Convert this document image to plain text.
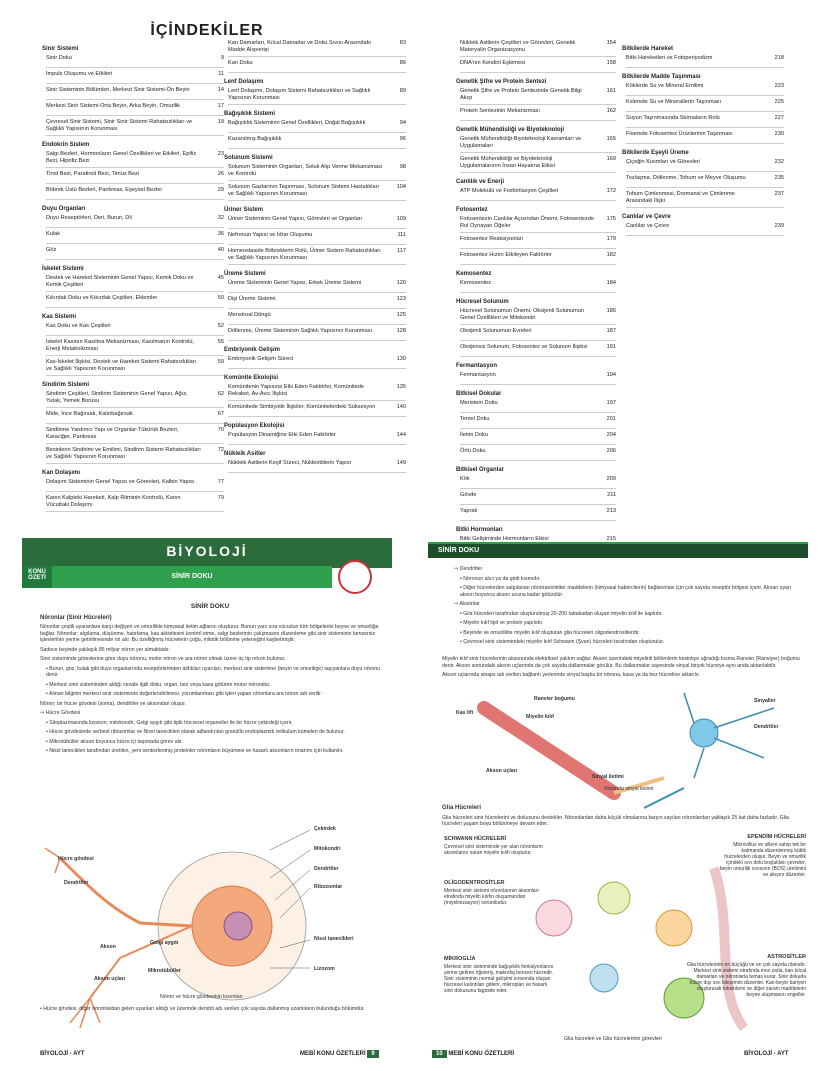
İÇİNDEKİLER
Sinir Sistemi
Sinir Doku	9
İmpuls Oluşumu ve Etkileri	11
Sinir Sisteminin Bölümleri, Merkezi Sinir Sistemi-Ön Beyin	14
Merkezi Sinir Sistemi-Orta Beyin, Arka Beyin, Omurilik	17
Çevresel Sinir Sistemi, Sinir Sinir Sistemi Rahatsızlıkları ve Sağlıklı Yapısının Korunması
19
Endokrin Sistem
Salgı Bezleri, Hormonların Genel Özellikleri ve Etkileri, Epifiz Bezi, Hipofiz Bezi
23
Tiroit Bezi, Paratiroit Bezi, Timüs Bezi	26
Böbrek Üstü Bezleri, Pankreas, Eşeysel Bezler	29
Duyu Organları
Duyu Reseptörleri, Deri, Burun, Dil	32
Kulak	36
Göz	40
İskelet Sistemi
Destek ve Hareket Sisteminin Genel Yapısı, Kemik Doku ve Kemik Çeşitleri
45
Kıkırdak Doku ve Kıkırdak Çeşitleri, Eklemler	50
Kas Sistemi
Kas Doku ve Kas Çeşitleri	52
İskelet Kasının Kasılma Mekanizması, Kasılmanın Kontrolü, Enerji Metabolizması
55
Kas-İskelet İlişkisi, Destek ve Hareket Sistemi Rahatsızlıkları ve Sağlıklı Yapısının Korunması
59
Sindirim Sistemi
Sindirim Çeşitleri, Sindirim Sisteminin Genel Yapısı, Ağız, Yutak, Yemek Borusu
62
Mide, İnce Bağırsak, Kalınbağırsak	67
Sindirime Yardımcı Yapı ve Organlar-Tükürük Bezleri, Karaciğer, Pankreas
70
Besinlerin Sindirimi ve Emilimi, Sindirim Sistemi Rahatsızlıkları ve Sağlıklı Yapısının Korunması
72
Kan Dolaşımı
Dolaşım Sisteminin Genel Yapısı ve Görevleri, Kalbin Yapısı	77
Kanın Kalpteki Hareketi, Kalp Ritminin Kontrolü, Kanın Vücuttaki Dolaşımı
79
Kan Damarları, Kılcal Damarlar ve Doku Sıvısı Arasındaki Madde Alışverişi
83
Kan Doku	86
Lenf Dolaşımı
Lenf Dolaşımı, Dolaşım Sistemi Rahatsızlıkları ve Sağlıklı Yapısının Korunması
89
Bağışıklık Sistemi
Bağışıklık Sisteminin Genel Özellikleri, Doğal Bağışıklık	94
Kazanılmış Bağışıklık	96
Solunum Sistemi
Solunum Sisteminin Organları, Soluk Alıp Verme Mekanizması ve Kontrolü
98
Solunum Gazlarının Taşınması, Solunum Sistemi Hastalıkları ve Sağlıklı Yapısının Korunması
104
Üriner Sistem
Üriner Sisteminin Genel Yapısı, Görevleri ve Organları	109
Nefronun Yapısı ve İdrar Oluşumu	111
Homeostaside Böbreklerin Rolü, Üriner Sistem Rahatsızlıkları ve Sağlıklı Yapısının Korunması
117
Üreme Sistemi
Üreme Sisteminin Genel Yapısı, Erkek Üreme Sistemi	120
Dişi Üreme Sistemi	123
Menstrual Döngü	125
Döllenme, Üreme Sisteminin Sağlıklı Yapısının Korunması	128
Embriyonik Gelişim
Embriyonik Gelişim Süreci	130
Komünite Ekolojisi
Komünitenin Yapısına Etki Eden Faktörler, Komünitede Rekabet, Av-Avcı İlişkisi
135
Komünitede Simbiyotik İlişkiler, Komünitelerdeki Süksesyon	140
Popülasyon Ekolojisi
Popülasyon Dinamiğine Etki Eden Faktörler	144
Nükleik Asitler
Nükleik Asitlerin Keşif Süreci, Nükleotitlerin Yapısı	149
Nükleik Asitlerin Çeşitleri ve Görevleri, Genetik Materyalin Organizasyonu
154
DNA'nın Kendini Eşlemesi	158
Genetik Şifre ve Protein Sentezi
Genetik Şifre ve Protein Sentezinde Genetik Bilgi Akışı
161
Protein Sentezinin Mekanizması	162
Genetik Mühendisliği ve Biyoteknoloji
Genetik Mühendisliği-Biyoteknoloji Kavramları ve Uygulamaları
165
Genetik Mühendisliği ve Biyoteknoloji Uygulamalarının İnsan Hayatına Etkisi
169
Canlılık ve Enerji
ATP Molekülü ve Fosforilasyon Çeşitleri	172
Fotosentez
Fotosentezin Canlılar Açısından Önemi, Fotosentezde Rol Oynayan Öğeler
175
Fotosentez Reaksiyonları	179
Fotosentez Hızını Etkileyen Faktörler	182
Kemosentez
Kemosentez	184
Hücresel Solunum
Hücresel Solunumun Önemi, Oksijenli Solunumun Genel Özellikleri ve Mitokondri
186
Oksijenli Solunumun Evreleri	187
Oksijensiz Solunum, Fotosentez ve Solunum İlişkisi	191
Fermantasyon
Fermantasyon	194
Bitkisel Dokular
Meristem Doku	197
Temel Doku	201
İletim Doku	204
Örtü Doku	206
Bitkisel Organlar
Kök	209
Gövde	211
Yaprak	213
Bitki Hormonları
Bitki Gelişiminde Hormonların Etkisi	215
Bitkilerde Hareket
Bitki Hareketleri ve Fotoperiyodizm	218
Bitkilerde Madde Taşınması
Köklerde Su ve Mineral Emilimi	223
Kslemde Su ve Minerallerin Taşınması	225
Suyun Taşınmasında Stomaların Rolü	227
Floemde Fotosentez Ürünlerinin Taşınması	230
Bitkilerde Eşeyli Üreme
Çiçeğin Kısımları ve Görevleri	232
Tozlaşma, Döllenme, Tohum ve Meyve Oluşumu	235
Tohum Çimlenmesi, Dormansi ve Çimlenme Arasındaki İlişki
237
Canlılar ve Çevre
Canlılar ve Çevre	239
BİYOLOJİ
KONU ÖZETİ	SİNİR DOKU
SİNİR DOKU
Nöronlar (Sinir Hücreleri)
Nöronlar çeşitli uyaranlara karşı değişen ve omurilikle kimyasal iletim ağlarını oluşturur. Bunun yanı sıra vücudun tüm bölgelerini beyne ve omuriliğe bağlar. Nöronlar; algılama, düşünme, hatırlama, kas aktivitesini kontrol etme, salgı bezlerinin çalışmasını düzenleme gibi sinir sisteminin benzersiz işlevlerinin yerine getirilmesinde rol alır. Bu özelliğinnş hücrelerin çoğu, mitotik bölünme yeteneğini kaybetmiştir.
Sadece beyinde yaklaşık 85 milyar nöron yer almaktadır.
Sinir sisteminde görevlerine göre duyu nöronu, motor nöron ve ara nöron olmak üzere üç tip nöron bulunur.
• Burun, göz, kulak gibi duyu organlarında reseptörlerinden aldıkları uyarıları, merkezi sinir sistemine (beyin ve omurilige) taşıyanlara duyu nöronu denir.
• Merkezi sinir sisteminden aldığı cevabı ilgili doku, organ, bez veya kasa götüren motor nörondur.
• Alınan bilginin merkezi sinir sisteminde değerlendirilmesi, yorumlanması gibi işleri yapan nöronlara ara nöron adı verilir.
Nöron; bir hücre gövdesi (soma), dendritler ve aksondan oluşur.
⇒ Hücre Gövdesi
• Sitoplazmasında lizozom, mitokondri, Golgi aygıtı gibi tipik hücresel organeller ile bir hücre çekirdeği içerir.
• Hücre gövdesinde serbest ribozomlar ve Nissl tanecikleri olarak adlandırılan granüllü endoplazmik retikulum kümeleri de bulunur.
• Mikrotübüller akson boyunca hücre içi taşımada görev alır.
• Nissl tanecikleri tarafından üretilen, yeni sentezlenmiş proteinler nöronların büyümesi ve hasarlı aksonların onarımı için kullanılır.
Çekirdek
Hücre gövdesi
Mitokondri
Dendritler
Dendritler
Ribozomlar
Golgi aygıtı
Akson
Nissl tanecikleri
Akson uçları
Mikrotübüller	Lizozom
Nöron ve hücre gövdesinin kısımları
• Hücre gövdesi, diğer nöronlardan gelen uyarıları aldığı ve üzerinde dendrit adı verilen çok sayıda dallanmış uzantıların bulunduğu bölümdür.
BİYOLOJİ - AYT	MEBİ KONU ÖZETLERİ 9
SİNİR DOKU
⇒ Dendritler
• Nöronun alıcı ya da girdi kısmıdır.
• Diğer hücrelerden salgılanan nörotransmitter maddelerin (kimyasal habercilerin) bağlanması için çok sayıda reseptör bölgesi içerir. Alınan uyarı akson boyunca akson ucuna kadar götürülür.
⇒ Aksonlar
• Gila hücreleri tarafından oluşturulmuş 20-200 tabakadan oluşan miyelin kılıf ile kaplıdır.
• Miyelin kılıf lipit ve protein yapılıdır.
• Beyinde ve omurilikte miyelin kılıf oluşturan glia hücreleri oligodendrositlerdir.
• Çevresel sinir sistemindeki miyelin kılıf Schwann (Şvan) hücreleri tarafından oluşturulur.
Miyelin kılıf sinir hücrelerinin aksonunda elektriksel yalıtım sağlar. Akson üzerindeki miyelinli bölümlerin kesintiye uğradığı kısma Ranvier (Ranviyer) boğumu denir. Akson sonundaki akson uçlarında da çok sayıda dallanmalar görülür. Bu dallanmalar sayesinde sinyal birçok hücreye aynı anda aktarılabilir.
Akson uçlarında sinaps adı verilen bağlantı yerlerinde sinyal başka bir nörona, kasa ya da bez hücreline aktarılır.
Ranvier boğumu
Kas lifi
Miyelin kılıf
Sinyaller
Dendritler
Akson uçları
Sinyal iletimi
Nöronda sinyal iletimi
Glia Hücreleri
Glia hücreleri sinir hücrelerini ve dokusunu destekler. Nöronlardan daha küçük olmalarına karşın sayıları nöronlardan yaklaşık 25 kat daha fazladır. Glia hücreleri yaşam boyu bölünmeye devam eder.
SCHWANN HÜCRELERİ
Çevresel sinir sisteminde yer alan nöronların aksonlarını saran miyelin kılıfı oluşturur.
OLİGODENTROSİTLER
Merkezi sinir sistemi nöronlarının aksonları etrafında miyelin kılıfın oluşumundan (miyelinizasyon) sorumludur.
MİKROGLİA
Merkezi sinir sisteminde bağışıklık fonksiyonlarını yerine getiren öğeleriy, makrofaj benzeri hücredir. Sinir sisteminin normal gelişimi sırasında oluşan hücresel kalıntıları giderir, mikropları ve hasarlı sinir dokusunu fagosite eder.
EPENDİM HÜCRELERİ
Mikrovillus ve sillere sahip tek bir katmanda düzenlenmiş kübik hücrelerden oluşur. Beyin ve omurilik içindeki sıvı dolu boşlukları çevreler, beyin omurilik sıvısının (BOS) üretimini ve akışını düzenler.
ASTROSİTLER
Glia hücrelerinin en büyüğü ve en çok sayıda olanıdır. Merkezi sinir sistemi etrafında ince zarla, kan kılcal damarları ve nöronlarla temas kurar. Sinir dokuda hücre dışı sıvı bileşimini düzenler. Kan-beyin bariyeri oluşturarak toksinlerin ve diğer zararlı maddelerin beyne ulaşmasını engeller.
Glia hücreleri ve Glia hücrelerinin görevleri
10 MEBİ KONU ÖZETLERİ	BİYOLOJİ - AYT
